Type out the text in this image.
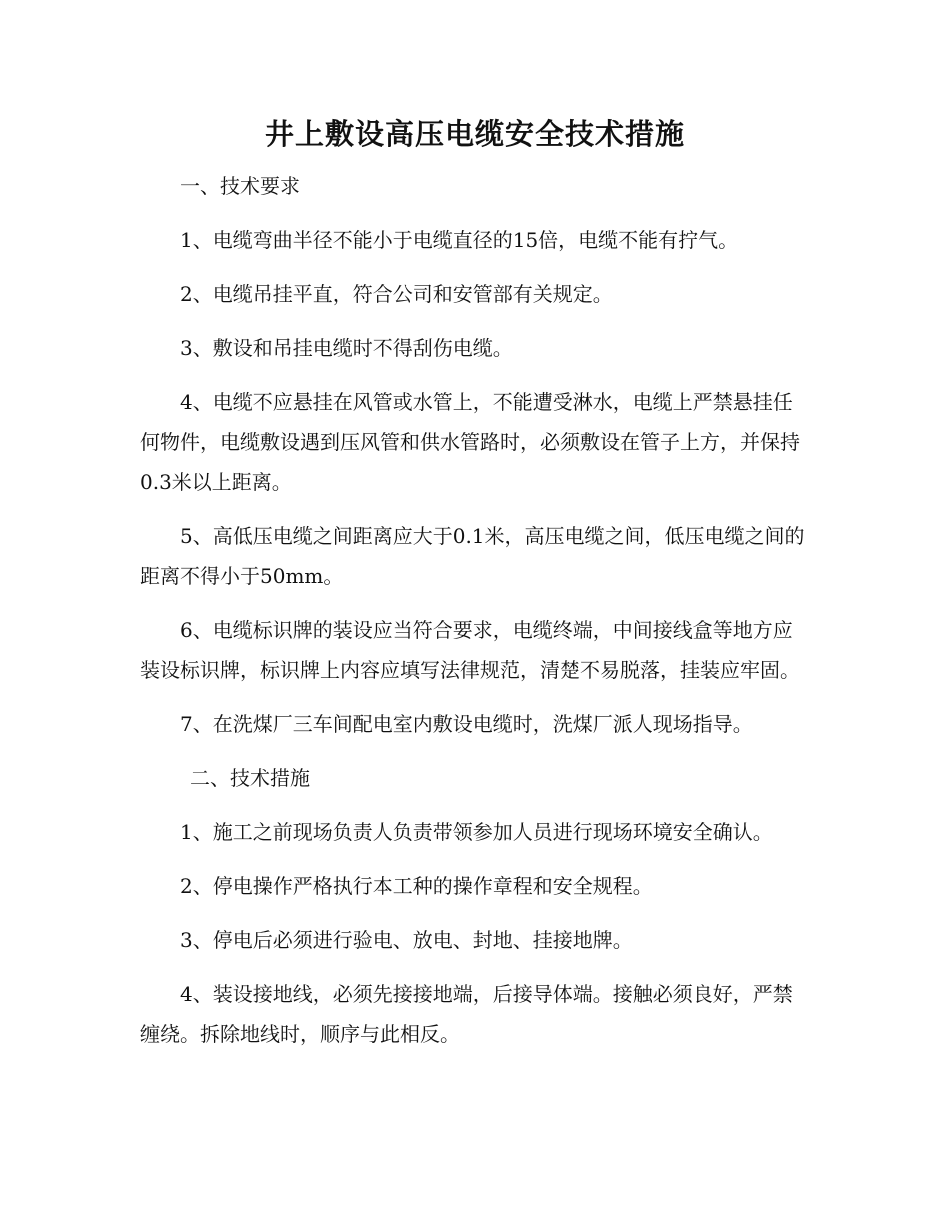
井上敷设高压电缆安全技术措施

一、技术要求

1、电缆弯曲半径不能小于电缆直径的15倍，电缆不能有拧气。

2、电缆吊挂平直，符合公司和安管部有关规定。

3、敷设和吊挂电缆时不得刮伤电缆。

4、电缆不应悬挂在风管或水管上，不能遭受淋水，电缆上严禁悬挂任何物件，电缆敷设遇到压风管和供水管路时，必须敷设在管子上方，并保持0.3米以上距离。

5、高低压电缆之间距离应大于0.1米，高压电缆之间，低压电缆之间的距离不得小于50mm。

6、电缆标识牌的装设应当符合要求，电缆终端，中间接线盒等地方应装设标识牌，标识牌上内容应填写法律规范，清楚不易脱落，挂装应牢固。

7、在洗煤厂三车间配电室内敷设电缆时，洗煤厂派人现场指导。

二、技术措施

1、施工之前现场负责人负责带领参加人员进行现场环境安全确认。

2、停电操作严格执行本工种的操作章程和安全规程。

3、停电后必须进行验电、放电、封地、挂接地牌。

4、装设接地线，必须先接接地端，后接导体端。接触必须良好，严禁缠绕。拆除地线时，顺序与此相反。
